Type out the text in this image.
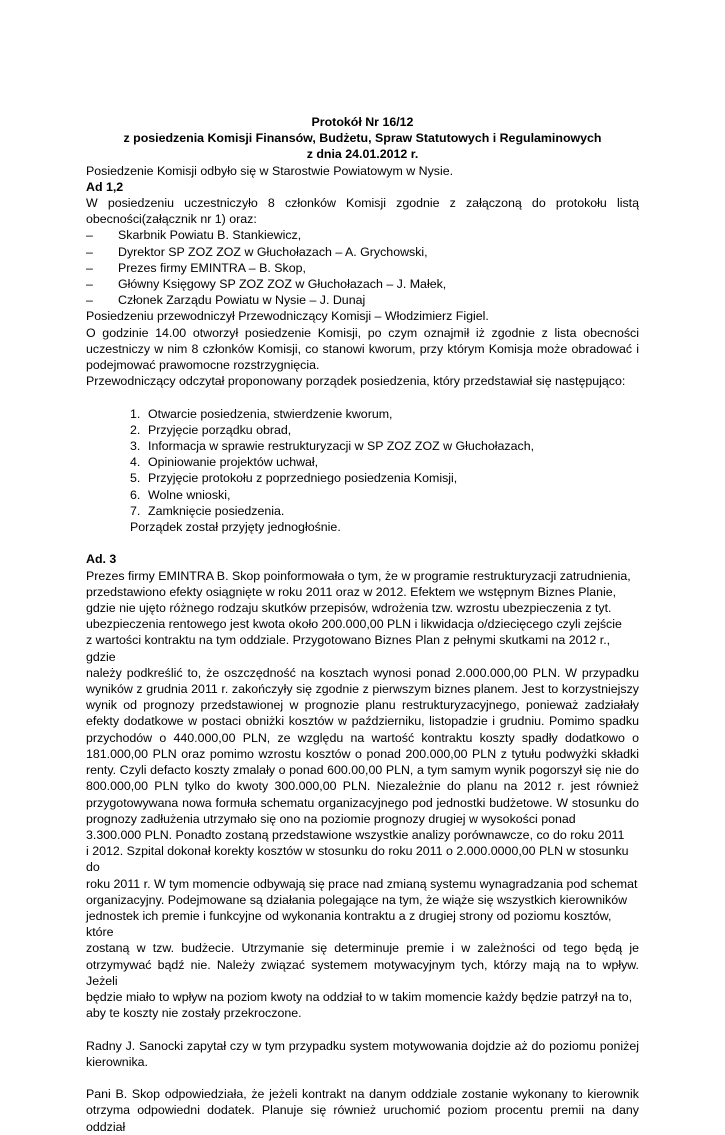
Protokół Nr 16/12

z posiedzenia Komisji Finansów, Budżetu, Spraw Statutowych i Regulaminowych

z dnia 24.01.2012 r.

Posiedzenie Komisji odbyło się w Starostwie Powiatowym w Nysie.

Ad 1,2

W posiedzeniu uczestniczyło 8 członków Komisji zgodnie z załączoną do protokołu listą obecności(załącznik nr 1) oraz:

– Skarbnik Powiatu B. Stankiewicz,
– Dyrektor SP ZOZ ZOZ w Głuchołazach – A. Grychowski,
– Prezes firmy EMINTRA – B. Skop,
– Główny Księgowy SP ZOZ ZOZ w Głuchołazach – J. Małek,
– Członek Zarządu Powiatu w Nysie – J. Dunaj

Posiedzeniu przewodniczył Przewodniczący Komisji – Włodzimierz Figiel.

O godzinie 14.00 otworzył posiedzenie Komisji, po czym oznajmił iż zgodnie z lista obecności uczestniczy w nim 8 członków Komisji, co stanowi kworum, przy którym Komisja może obradować i podejmować prawomocne rozstrzygnięcia.

Przewodniczący odczytał proponowany porządek posiedzenia, który przedstawiał się następująco:

1. Otwarcie posiedzenia, stwierdzenie kworum,
2. Przyjęcie porządku obrad,
3. Informacja w sprawie restrukturyzacji w SP ZOZ ZOZ w Głuchołazach,
4. Opiniowanie projektów uchwał,
5. Przyjęcie protokołu z poprzedniego posiedzenia Komisji,
6. Wolne wnioski,
7. Zamknięcie posiedzenia.

Porządek został przyjęty jednogłośnie.

Ad. 3

Prezes firmy EMINTRA B. Skop poinformowała o tym, że w programie restrukturyzacji zatrudnienia,

przedstawiono efekty osiągnięte w roku 2011 oraz w 2012. Efektem we wstępnym Biznes Planie,

gdzie nie ujęto różnego rodzaju skutków przepisów, wdrożenia tzw. wzrostu ubezpieczenia z tyt.

ubezpieczenia rentowego jest kwota około 200.000,00 PLN i likwidacja o/dziecięcego czyli zejście

z wartości kontraktu na tym oddziale. Przygotowano Biznes Plan z pełnymi skutkami na 2012 r., gdzie

należy podkreślić to, że oszczędność na kosztach wynosi ponad 2.000.000,00 PLN. W przypadku wyników z grudnia 2011 r. zakończyły się zgodnie z pierwszym biznes planem. Jest to korzystniejszy wynik od prognozy przedstawionej w prognozie planu restrukturyzacyjnego, ponieważ zadziałały efekty dodatkowe w postaci obniżki kosztów w październiku, listopadzie i grudniu. Pomimo spadku przychodów o 440.000,00 PLN, ze względu na wartość kontraktu koszty spadły dodatkowo o 181.000,00 PLN oraz pomimo wzrostu kosztów o ponad 200.000,00 PLN z tytułu podwyżki składki renty. Czyli defacto koszty zmalały o ponad 600.00,00 PLN, a tym samym wynik pogorszył się nie do 800.000,00 PLN tylko do kwoty 300.000,00 PLN. Niezależnie do planu na 2012 r. jest również przygotowywana nowa formuła schematu organizacyjnego pod jednostki budżetowe. W stosunku do prognozy zadłużenia utrzymało się ono na poziomie prognozy drugiej w wysokości ponad

3.300.000 PLN. Ponadto zostaną przedstawione wszystkie analizy porównawcze, co do roku 2011

i 2012. Szpital dokonał korekty kosztów w stosunku do roku 2011 o 2.000.0000,00 PLN w stosunku do

roku 2011 r. W tym momencie odbywają się prace nad zmianą systemu wynagradzania pod schemat

organizacyjny. Podejmowane są działania polegające na tym, że wiąże się wszystkich kierowników

jednostek ich premie i funkcyjne od wykonania kontraktu a z drugiej strony od poziomu kosztów, które

zostaną w tzw. budżecie. Utrzymanie się determinuje premie i w zależności od tego będą je otrzymywać bądź nie. Należy związać systemem motywacyjnym tych, którzy mają na to wpływ. Jeżeli

będzie miało to wpływ na poziom kwoty na oddział to w takim momencie każdy będzie patrzył na to,

aby te koszty nie zostały przekroczone.

Radny J. Sanocki zapytał czy w tym przypadku system motywowania dojdzie aż do poziomu poniżej kierownika.

Pani B. Skop odpowiedziała, że jeżeli kontrakt na danym oddziale zostanie wykonany to kierownik otrzyma odpowiedni dodatek. Planuje się również uruchomić poziom procentu premii na dany oddział
